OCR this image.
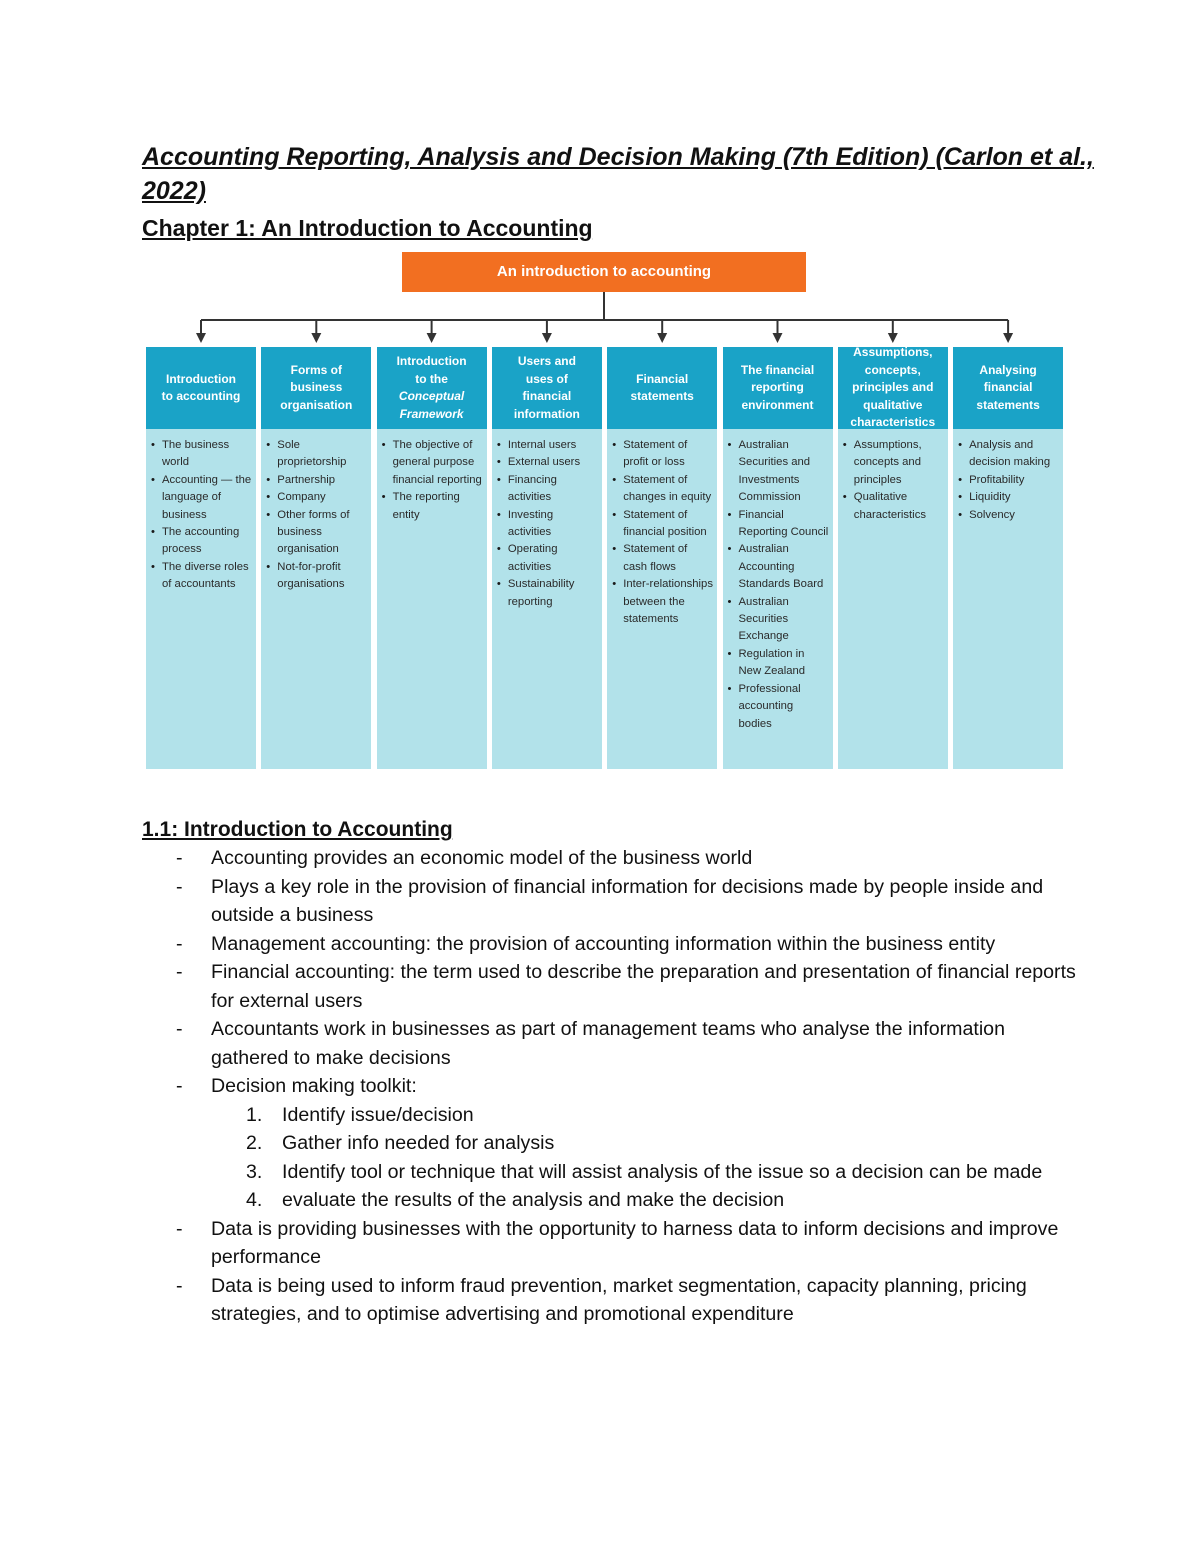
Accounting Reporting, Analysis and Decision Making (7th Edition) (Carlon et al., 2022)
Chapter 1: An Introduction to Accounting
An introduction to accounting
Introduction
to accounting
• The business world
• Accounting — the language of business
• The accounting process
• The diverse roles of accountants
Forms of
business
organisation
• Sole proprietorship
• Partnership
• Company
• Other forms of business organisation
• Not-for-profit organisations
Introduction
to the
Conceptual
Framework
• The objective of general purpose financial reporting
• The reporting entity
Users and
uses of
financial
information
• Internal users
• External users
• Financing activities
• Investing activities
• Operating activities
• Sustainability reporting
Financial
statements
• Statement of profit or loss
• Statement of changes in equity
• Statement of financial position
• Statement of cash flows
• Inter-relationships between the statements
The financial
reporting
environment
• Australian Securities and Investments Commission
• Financial Reporting Council
• Australian Accounting Standards Board
• Australian Securities Exchange
• Regulation in New Zealand
• Professional accounting bodies
Assumptions,
concepts,
principles and
qualitative
characteristics
• Assumptions, concepts and principles
• Qualitative characteristics
Analysing
financial
statements
• Analysis and decision making
• Profitability
• Liquidity
• Solvency
1.1: Introduction to Accounting
- Accounting provides an economic model of the business world
- Plays a key role in the provision of financial information for decisions made by people inside and outside a business
- Management accounting: the provision of accounting information within the business entity
- Financial accounting: the term used to describe the preparation and presentation of financial reports for external users
- Accountants work in businesses as part of management teams who analyse the information gathered to make decisions
- Decision making toolkit:
1. Identify issue/decision
2. Gather info needed for analysis
3. Identify tool or technique that will assist analysis of the issue so a decision can be made
4. evaluate the results of the analysis and make the decision
- Data is providing businesses with the opportunity to harness data to inform decisions and improve performance
- Data is being used to inform fraud prevention, market segmentation, capacity planning, pricing strategies, and to optimise advertising and promotional expenditure
